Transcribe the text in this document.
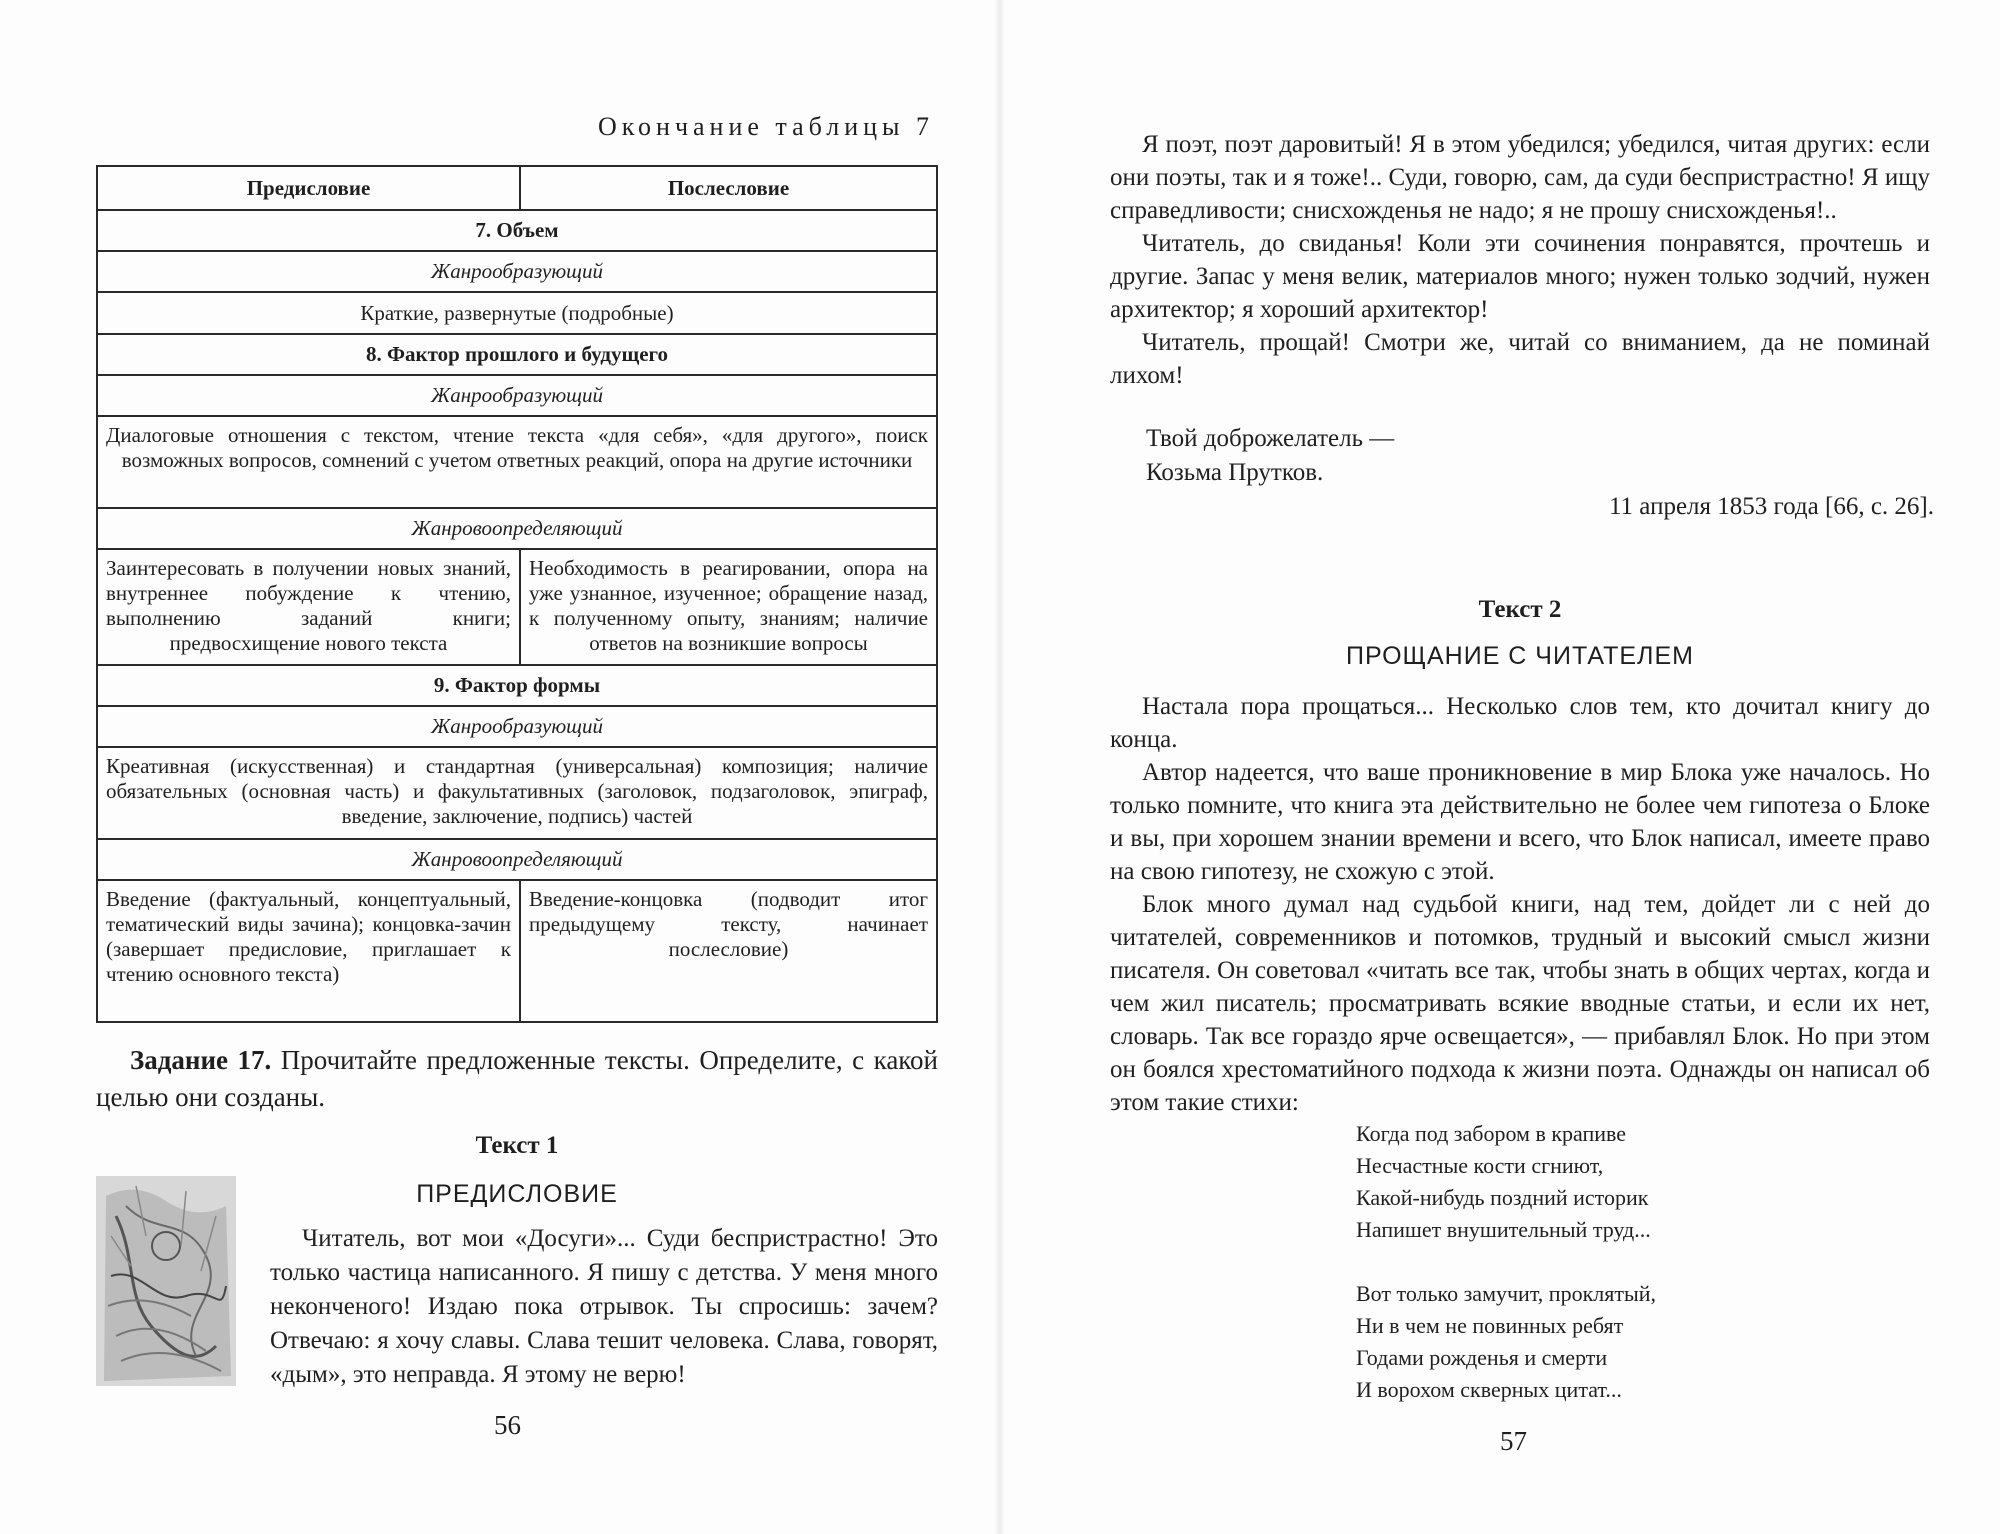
Окончание таблицы 7
Предисловие	Послесловие
7. Объем	
Жанрообразующий	
Краткие, развернутые (подробные)	
8. Фактор прошлого и будущего	
Жанрообразующий	
Диалоговые отношения с текстом, чтение текста «для себя», «для другого», поиск возможных вопросов, сомнений с учетом ответных реакций, опора на другие источники	
Жанровоопределяющий	
Заинтересовать в получении новых знаний, внутреннее побуждение к чтению, выполнению заданий книги; предвосхищение нового текста	Необходимость в реагировании, опора на уже узнанное, изученное; обращение назад, к полученному опыту, знаниям; наличие ответов на возникшие вопросы
9. Фактор формы	
Жанрообразующий	
Креативная (искусственная) и стандартная (универсальная) композиция; наличие обязательных (основная часть) и факультативных (заголовок, подзаголовок, эпиграф, введение, заключение, подпись) частей	
Жанровоопределяющий	
Введение (фактуальный, концептуальный, тематический виды зачина); концовка-зачин (завершает предисловие, приглашает к чтению основного текста)	Введение-концовка (подводит итог предыдущему тексту, начинает послесловие)
Задание 17. Прочитайте предложенные тексты. Определите, с какой целью они созданы.
Текст 1
ПРЕДИСЛОВИЕ

Читатель, вот мои «Досуги»... Суди беспристрастно! Это только частица написанного. Я пишу с детства. У меня много неконченого! Издаю пока отрывок. Ты спросишь: зачем? Отвечаю: я хочу славы. Слава тешит человека. Слава, говорят, «дым», это неправда. Я этому не верю!

56

Я поэт, поэт даровитый! Я в этом убедился; убедился, читая других: если они поэты, так и я тоже!.. Суди, говорю, сам, да суди беспристрастно! Я ищу справедливости; снисхожденья не надо; я не прошу снисхожденья!..

Читатель, до свиданья! Коли эти сочинения понравятся, прочтешь и другие. Запас у меня велик, материалов много; нужен только зодчий, нужен архитектор; я хороший архитектор!

Читатель, прощай! Смотри же, читай со вниманием, да не поминай лихом!

Твой доброжелатель —
Козьма Прутков.
11 апреля 1853 года [66, с. 26].
Текст 2
ПРОЩАНИЕ С ЧИТАТЕЛЕМ

Настала пора прощаться... Несколько слов тем, кто дочитал книгу до конца.

Автор надеется, что ваше проникновение в мир Блока уже началось. Но только помните, что книга эта действительно не более чем гипотеза о Блоке и вы, при хорошем знании времени и всего, что Блок написал, имеете право на свою гипотезу, не схожую с этой.

Блок много думал над судьбой книги, над тем, дойдет ли с ней до читателей, современников и потомков, трудный и высокий смысл жизни писателя. Он советовал «читать все так, чтобы знать в общих чертах, когда и чем жил писатель; просматривать всякие вводные статьи, и если их нет, словарь. Так все гораздо ярче освещается», — прибавлял Блок. Но при этом он боялся хрестоматийного подхода к жизни поэта. Однажды он написал об этом такие стихи:

Когда под забором в крапиве
Несчастные кости сгниют,
Какой-нибудь поздний историк
Напишет внушительный труд...
Вот только замучит, проклятый,
Ни в чем не повинных ребят
Годами рожденья и смерти
И ворохом скверных цитат...
57
